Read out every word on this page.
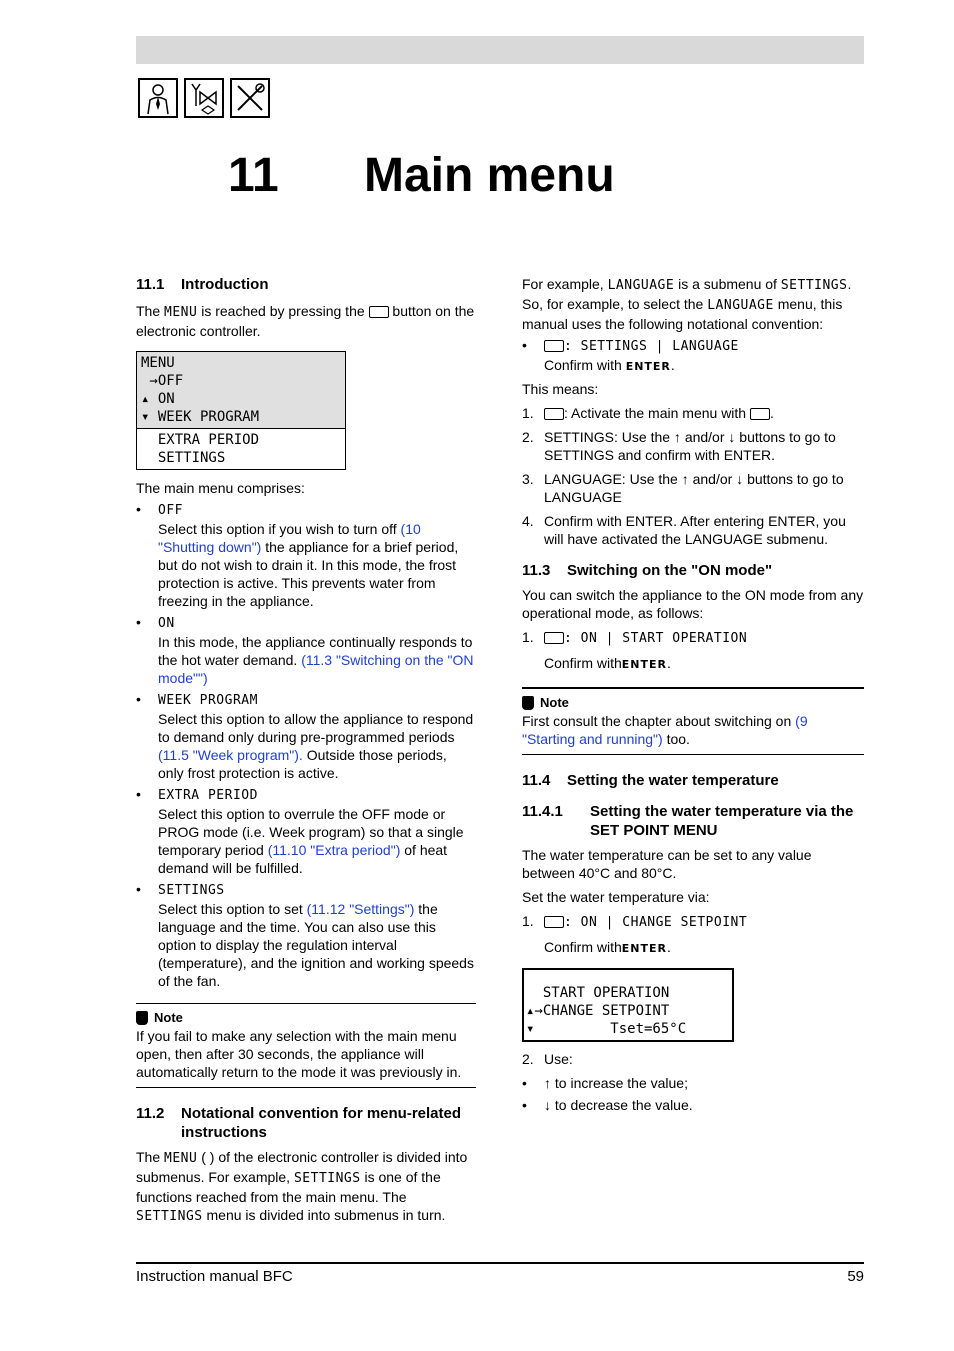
11 Main menu
11.1	Introduction

The MENU is reached by pressing the  button on the electronic controller.

MENU
→OFF
▴ ON
▾ WEEK PROGRAM
EXTRA PERIOD
SETTINGS

The main menu comprises:

• OFF
Select this option if you wish to turn off (10 "Shutting down") the appliance for a brief period, but do not wish to drain it. In this mode, the frost protection is active. This prevents water from freezing in the appliance.
• ON
In this mode, the appliance continually responds to the hot water demand. (11.3 "Switching on the "ON mode"")
• WEEK PROGRAM
Select this option to allow the appliance to respond to demand only during pre-programmed periods (11.5 "Week program"). Outside those periods, only frost protection is active.
• EXTRA PERIOD
Select this option to overrule the OFF mode or PROG mode (i.e. Week program) so that a single temporary period (11.10 "Extra period") of heat demand will be fulfilled.
• SETTINGS
Select this option to set (11.12 "Settings") the language and the time. You can also use this option to display the regulation interval (temperature), and the ignition and working speeds of the fan.
Note

If you fail to make any selection with the main menu open, then after 30 seconds, the appliance will automatically return to the mode it was previously in.

11.2	Notational convention for menu-related instructions

The MENU ( ) of the electronic controller is divided into submenus. For example, SETTINGS is one of the functions reached from the main menu. The SETTINGS menu is divided into submenus in turn.

For example, LANGUAGE is a submenu of SETTINGS. So, for example, to select the LANGUAGE menu, this manual uses the following notational convention:

• : SETTINGS | LANGUAGE
Confirm with ENTER.

This means:

1. : Activate the main menu with .
2. SETTINGS: Use the ↑ and/or ↓ buttons to go to SETTINGS and confirm with ENTER.
3. LANGUAGE: Use the ↑ and/or ↓ buttons to go to LANGUAGE
4. Confirm with ENTER. After entering ENTER, you will have activated the LANGUAGE submenu.
11.3	Switching on the "ON mode"

You can switch the appliance to the ON mode from any operational mode, as follows:

1. : ON | START OPERATION
Confirm withENTER.
Note

First consult the chapter about switching on (9 "Starting and running") too.

11.4	Setting the water temperature
11.4.1	Setting the water temperature via the SET POINT MENU

The water temperature can be set to any value between 40°C and 80°C.

Set the water temperature via:

1. : ON | CHANGE SETPOINT
Confirm withENTER.
START OPERATION
▴→CHANGE SETPOINT
▾         Tset=65°C
2. Use:
• ↑ to increase the value;
• ↓ to decrease the value.
Instruction manual BFC	59
